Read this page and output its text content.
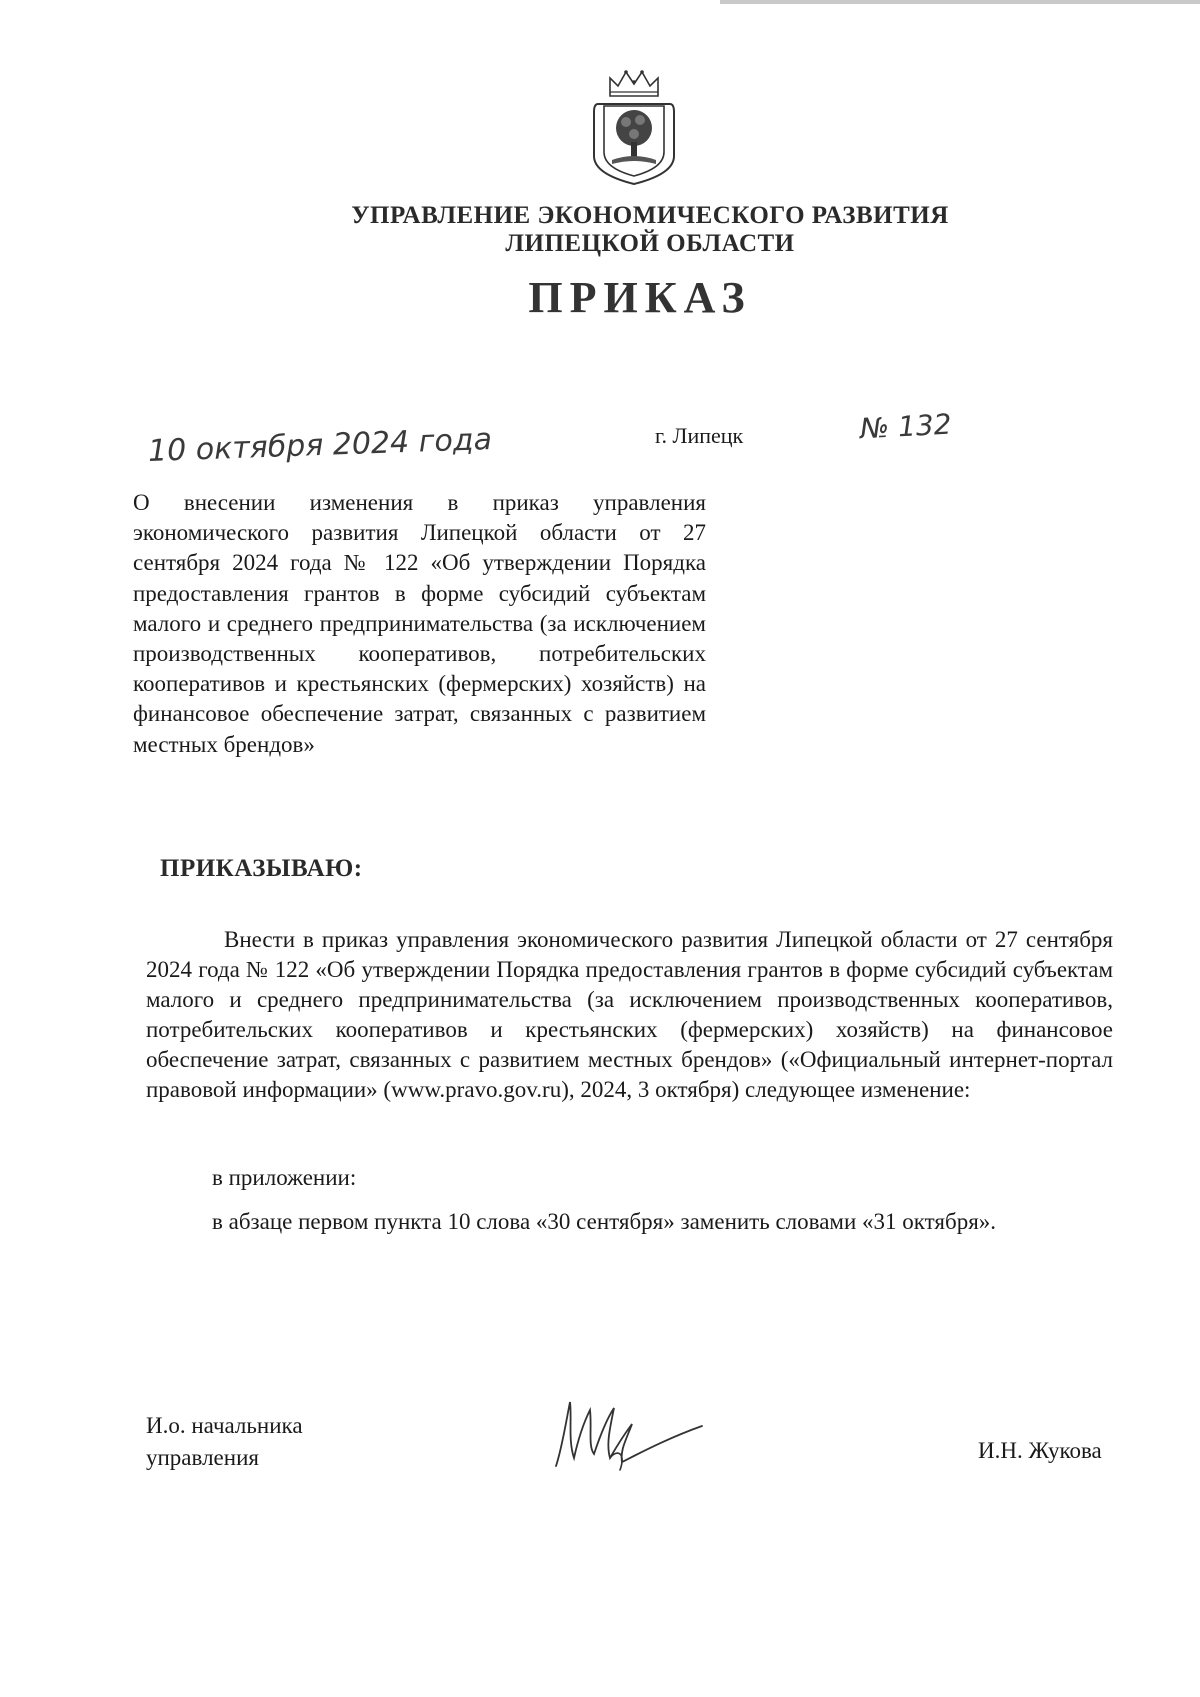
УПРАВЛЕНИЕ ЭКОНОМИЧЕСКОГО РАЗВИТИЯ
ЛИПЕЦКОЙ ОБЛАСТИ
ПРИКАЗ
10 октября 2024 года	г. Липецк	№ 132
О внесении изменения в приказ управления экономического развития Липецкой области от 27 сентября 2024 года № 122 «Об утверждении Порядка предоставления грантов в форме субсидий субъектам малого и среднего предпринимательства (за исключением производственных кооперативов, потребительских кооперативов и крестьянских (фермерских) хозяйств) на финансовое обеспечение затрат, связанных с развитием местных брендов»
ПРИКАЗЫВАЮ:
Внести в приказ управления экономического развития Липецкой области от 27 сентября 2024 года № 122 «Об утверждении Порядка предоставления грантов в форме субсидий субъектам малого и среднего предпринимательства (за исключением производственных кооперативов, потребительских кооперативов и крестьянских (фермерских) хозяйств) на финансовое обеспечение затрат, связанных с развитием местных брендов» («Официальный интернет-портал правовой информации» (www.pravo.gov.ru), 2024, 3 октября) следующее изменение:
в приложении:
в абзаце первом пункта 10 слова «30 сентября» заменить словами «31 октября».
И.о. начальника
управления	И.Н. Жукова
